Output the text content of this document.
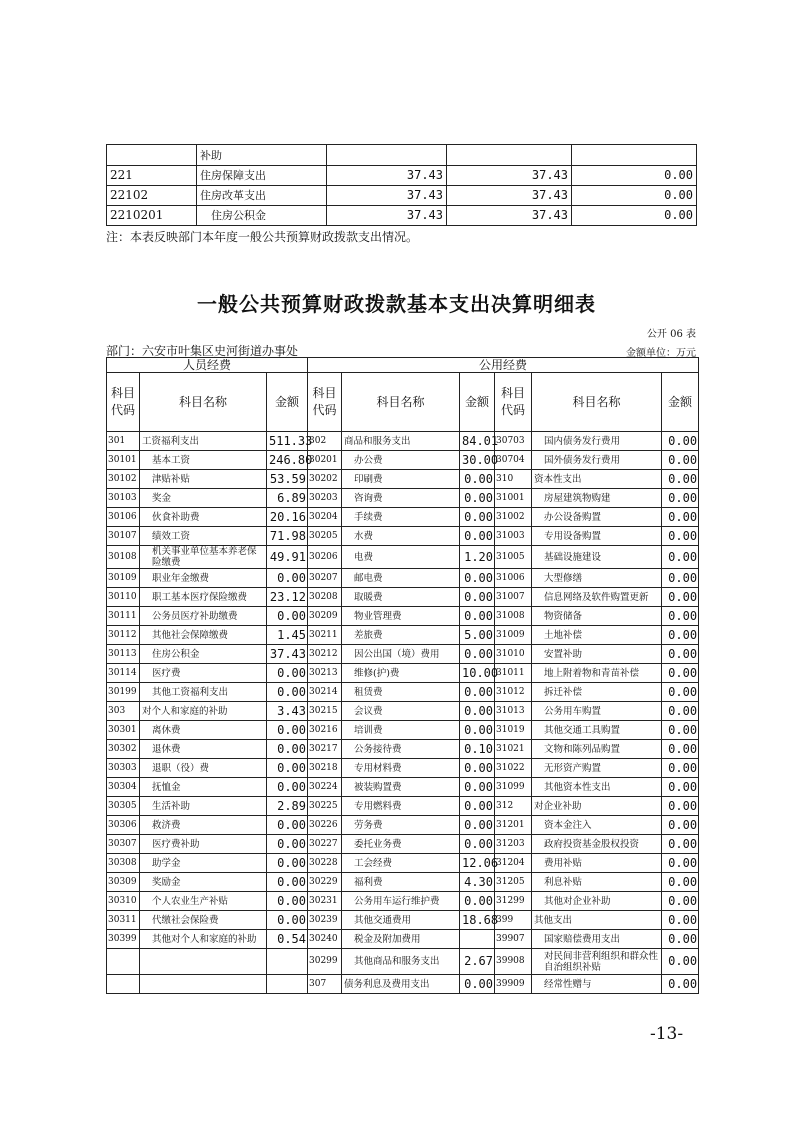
	补助			
221	住房保障支出	37.43	37.43	0.00
22102	住房改革支出	37.43	37.43	0.00
2210201	住房公积金	37.43	37.43	0.00
注：本表反映部门本年度一般公共预算财政拨款支出情况。
一般公共预算财政拨款基本支出决算明细表
公开 06 表
部门：六安市叶集区史河街道办事处	金额单位：万元
人员经费			公用经费					
科目代码	科目名称	金额	科目代码	科目名称	金额	科目代码	科目名称	金额
301	工资福利支出	511.33	302	商品和服务支出	84.01	30703	国内债务发行费用	0.00
30101	基本工资	246.80	30201	办公费	30.00	30704	国外债务发行费用	0.00
30102	津贴补贴	53.59	30202	印刷费	0.00	310	资本性支出	0.00
30103	奖金	6.89	30203	咨询费	0.00	31001	房屋建筑物购建	0.00
30106	伙食补助费	20.16	30204	手续费	0.00	31002	办公设备购置	0.00
30107	绩效工资	71.98	30205	水费	0.00	31003	专用设备购置	0.00
30108	机关事业单位基本养老保险缴费	49.91	30206	电费	1.20	31005	基础设施建设	0.00
30109	职业年金缴费	0.00	30207	邮电费	0.00	31006	大型修缮	0.00
30110	职工基本医疗保险缴费	23.12	30208	取暖费	0.00	31007	信息网络及软件购置更新	0.00
30111	公务员医疗补助缴费	0.00	30209	物业管理费	0.00	31008	物资储备	0.00
30112	其他社会保障缴费	1.45	30211	差旅费	5.00	31009	土地补偿	0.00
30113	住房公积金	37.43	30212	因公出国（境）费用	0.00	31010	安置补助	0.00
30114	医疗费	0.00	30213	维修(护)费	10.00	31011	地上附着物和青苗补偿	0.00
30199	其他工资福利支出	0.00	30214	租赁费	0.00	31012	拆迁补偿	0.00
303	对个人和家庭的补助	3.43	30215	会议费	0.00	31013	公务用车购置	0.00
30301	离休费	0.00	30216	培训费	0.00	31019	其他交通工具购置	0.00
30302	退休费	0.00	30217	公务接待费	0.10	31021	文物和陈列品购置	0.00
30303	退职（役）费	0.00	30218	专用材料费	0.00	31022	无形资产购置	0.00
30304	抚恤金	0.00	30224	被装购置费	0.00	31099	其他资本性支出	0.00
30305	生活补助	2.89	30225	专用燃料费	0.00	312	对企业补助	0.00
30306	救济费	0.00	30226	劳务费	0.00	31201	资本金注入	0.00
30307	医疗费补助	0.00	30227	委托业务费	0.00	31203	政府投资基金股权投资	0.00
30308	助学金	0.00	30228	工会经费	12.06	31204	费用补贴	0.00
30309	奖励金	0.00	30229	福利费	4.30	31205	利息补贴	0.00
30310	个人农业生产补贴	0.00	30231	公务用车运行维护费	0.00	31299	其他对企业补助	0.00
30311	代缴社会保险费	0.00	30239	其他交通费用	18.68	399	其他支出	0.00
30399	其他对个人和家庭的补助	0.54	30240	税金及附加费用		39907	国家赔偿费用支出	0.00
			30299	其他商品和服务支出	2.67	39908	对民间非营利组织和群众性自治组织补贴	0.00
			307	债务利息及费用支出	0.00	39909	经常性赠与	0.00
-13-
